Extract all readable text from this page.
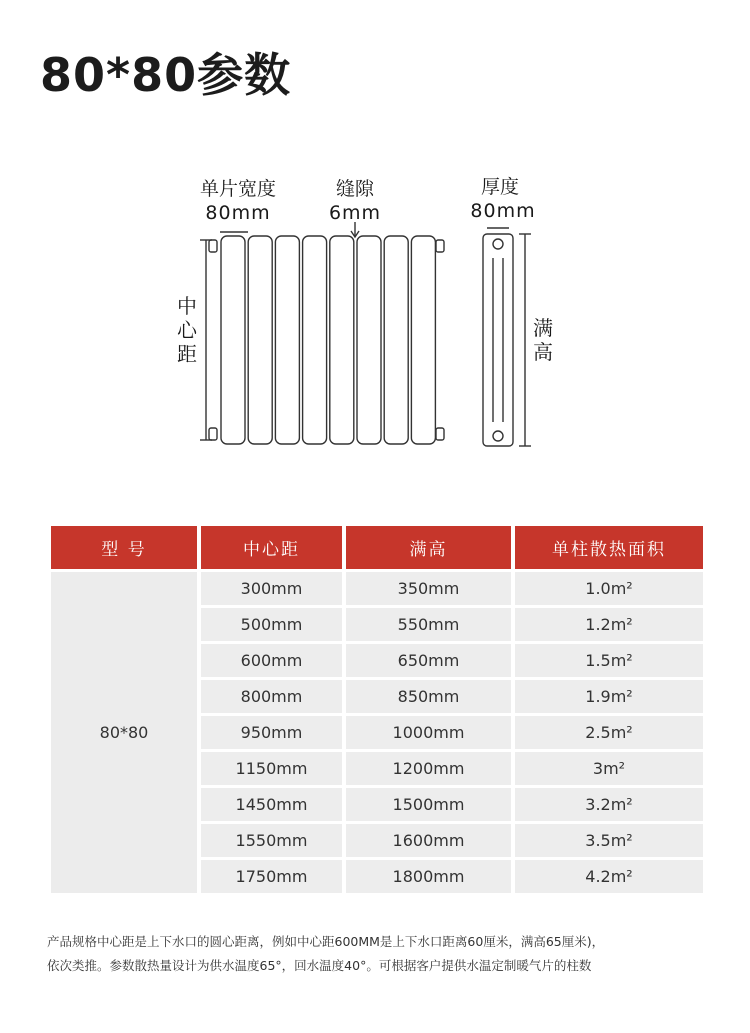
80*80参数
单片宽度
80mm
缝隙
6mm
厚度
80mm
中心距
满高
型 号	中心距	满高	单柱散热面积
80*80	300mm	350mm	1.0m²
	500mm	550mm	1.2m²
	600mm	650mm	1.5m²
	800mm	850mm	1.9m²
	950mm	1000mm	2.5m²
	1150mm	1200mm	3m²
	1450mm	1500mm	3.2m²
	1550mm	1600mm	3.5m²
	1750mm	1800mm	4.2m²

产品规格中心距是上下水口的圆心距离，例如中心距600MM是上下水口距离60厘米，满高65厘米)，
依次类推。参数散热量设计为供水温度65°，回水温度40°。可根据客户提供水温定制暖气片的柱数
